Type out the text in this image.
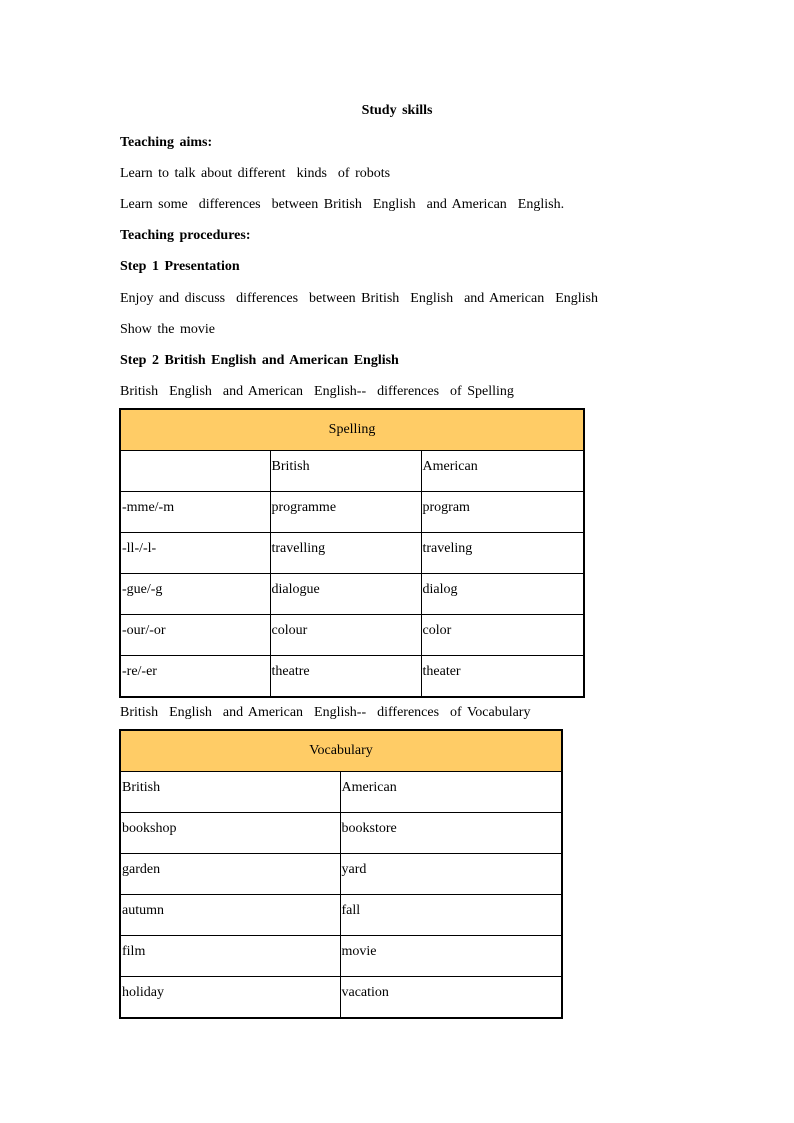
Study skills
Teaching aims:
Learn to talk about different  kinds  of robots
Learn some  differences  between British  English  and American  English.
Teaching procedures:
Step 1 Presentation
Enjoy and discuss  differences  between British  English  and American  English
Show the movie
Step 2 British English and American English
British  English  and American  English--  differences  of Spelling
Spelling		
	British	American
-mme/-m	programme	program
-ll-/-l-	travelling	traveling
-gue/-g	dialogue	dialog
-our/-or	colour	color
-re/-er	theatre	theater
British  English  and American  English--  differences  of Vocabulary
Vocabulary	
British	American
bookshop	bookstore
garden	yard
autumn	fall
film	movie
holiday	vacation
